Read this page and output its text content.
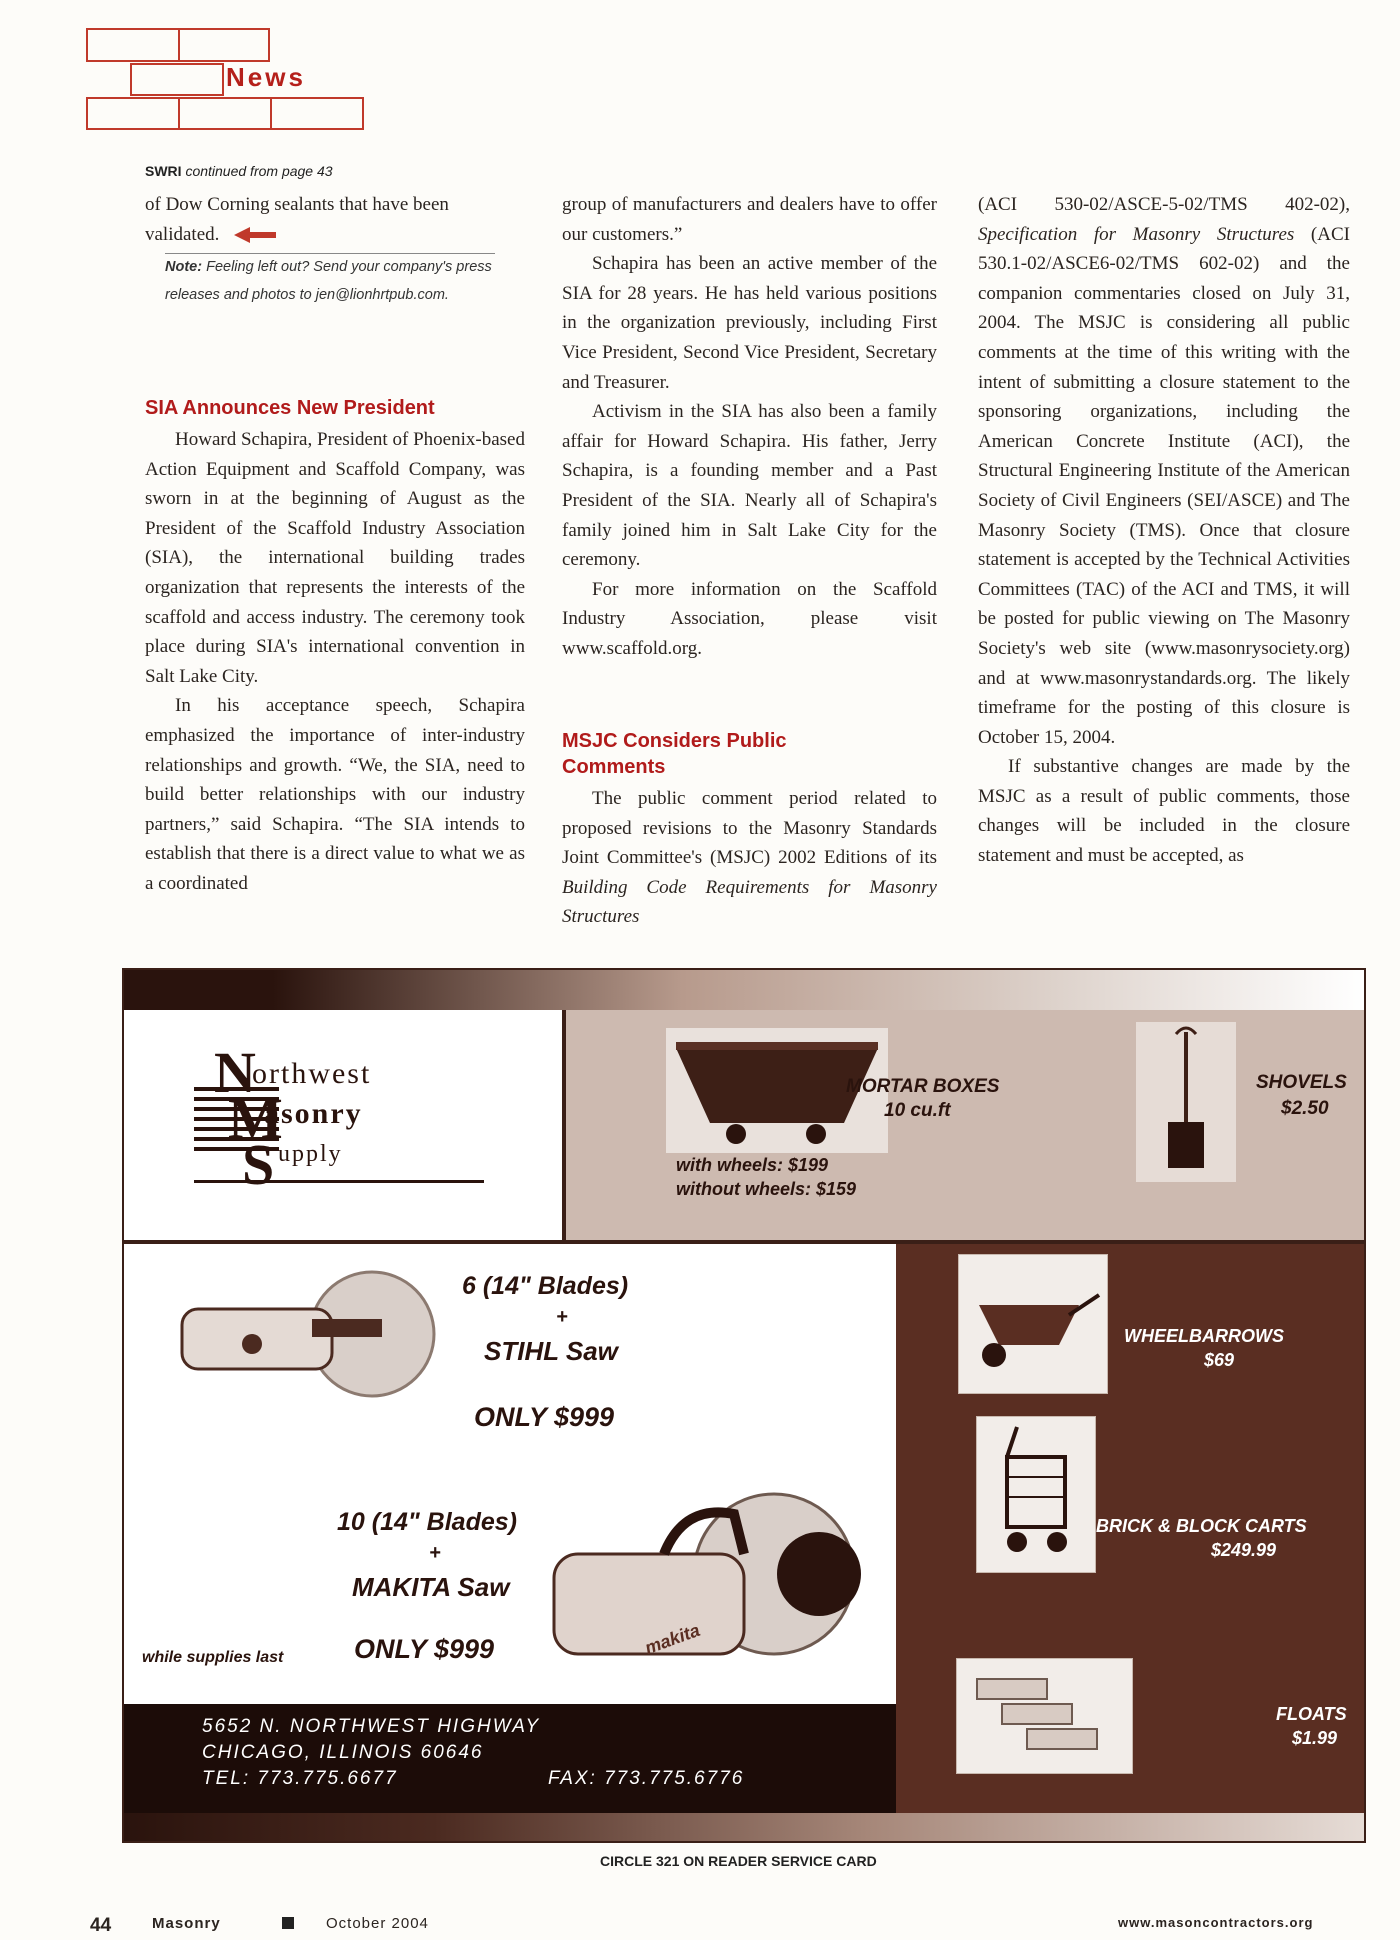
News
SWRI continued from page 43

of Dow Corning sealants that have been validated.

Note: Feeling left out? Send your company's press releases and photos to jen@lionhrtpub.com.
SIA Announces New President

Howard Schapira, President of Phoenix-based Action Equipment and Scaffold Company, was sworn in at the beginning of August as the President of the Scaffold Industry Association (SIA), the international building trades organization that represents the interests of the scaffold and access industry. The ceremony took place during SIA's international convention in Salt Lake City.

In his acceptance speech, Schapira emphasized the importance of inter-industry relationships and growth. “We, the SIA, need to build better relationships with our industry partners,” said Schapira. “The SIA intends to establish that there is a direct value to what we as a coordinated

group of manufacturers and dealers have to offer our customers.”

Schapira has been an active member of the SIA for 28 years. He has held various positions in the organization previously, including First Vice President, Second Vice President, Secretary and Treasurer.

Activism in the SIA has also been a family affair for Howard Schapira. His father, Jerry Schapira, is a founding member and a Past President of the SIA. Nearly all of Schapira's family joined him in Salt Lake City for the ceremony.

For more information on the Scaffold Industry Association, please visit www.scaffold.org.

MSJC Considers Public Comments

The public comment period related to proposed revisions to the Masonry Standards Joint Committee's (MSJC) 2002 Editions of its Building Code Requirements for Masonry Structures

(ACI 530-02/ASCE-5-02/TMS 402-02), Specification for Masonry Structures (ACI 530.1-02/ASCE6-02/TMS 602-02) and the companion commentaries closed on July 31, 2004. The MSJC is considering all public comments at the time of this writing with the intent of submitting a closure statement to the sponsoring organizations, including the American Concrete Institute (ACI), the Structural Engineering Institute of the American Society of Civil Engineers (SEI/ASCE) and The Masonry Society (TMS). Once that closure statement is accepted by the Technical Activities Committees (TAC) of the ACI and TMS, it will be posted for public viewing on The Masonry Society's web site (www.masonrysociety.org) and at www.masonrystandards.org. The likely timeframe for the posting of this closure is October 15, 2004.

If substantive changes are made by the MSJC as a result of public comments, those changes will be included in the closure statement and must be accepted, as

N
M
S
orthwest
asonry
upply
MORTAR BOXES
10 cu.ft
with wheels: $199
without wheels: $159
SHOVELS
$2.50
6 (14" Blades)
+
STIHL Saw
ONLY $999
10 (14" Blades)
+
MAKITA Saw
makita
ONLY $999
while supplies last
5652 N. NORTHWEST HIGHWAY
CHICAGO, ILLINOIS 60646
TEL: 773.775.6677	FAX: 773.775.6776
WHEELBARROWS
$69
BRICK & BLOCK CARTS
$249.99
FLOATS
$1.99
CIRCLE 321 ON READER SERVICE CARD
44	Masonry	October 2004	www.masoncontractors.org
